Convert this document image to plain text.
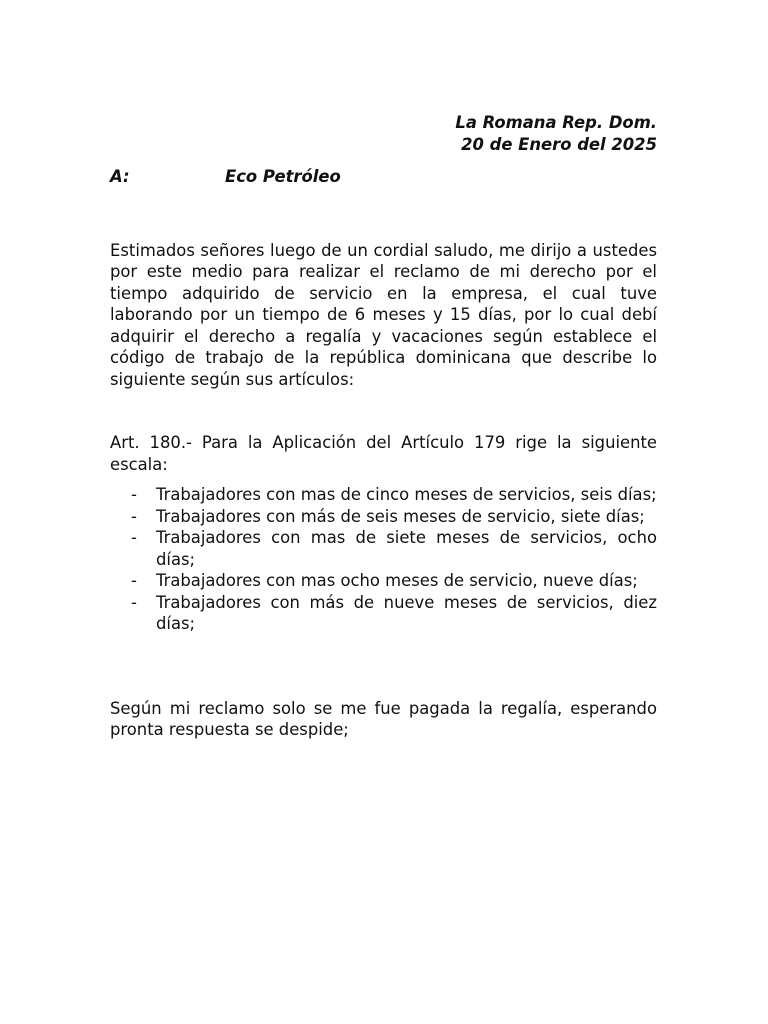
La Romana Rep. Dom.
20 de Enero del 2025
A:	Eco Petróleo

Estimados señores luego de un cordial saludo, me dirijo a ustedes por este medio para realizar el reclamo de mi derecho por el tiempo adquirido de servicio en la empresa, el cual tuve laborando por un tiempo de 6 meses y 15 días, por lo cual debí adquirir el derecho a regalía y vacaciones según establece el código de trabajo de la república dominicana que describe lo siguiente según sus artículos:

Art. 180.- Para la Aplicación del Artículo 179 rige la siguiente escala:

-	Trabajadores con mas de cinco meses de servicios, seis días;
-	Trabajadores con más de seis meses de servicio, siete días;
-	Trabajadores con mas de siete meses de servicios, ocho días;
-	Trabajadores con mas ocho meses de servicio, nueve días;
-	Trabajadores con más de nueve meses de servicios, diez días;

Según mi reclamo solo se me fue pagada la regalía, esperando pronta respuesta se despide;
